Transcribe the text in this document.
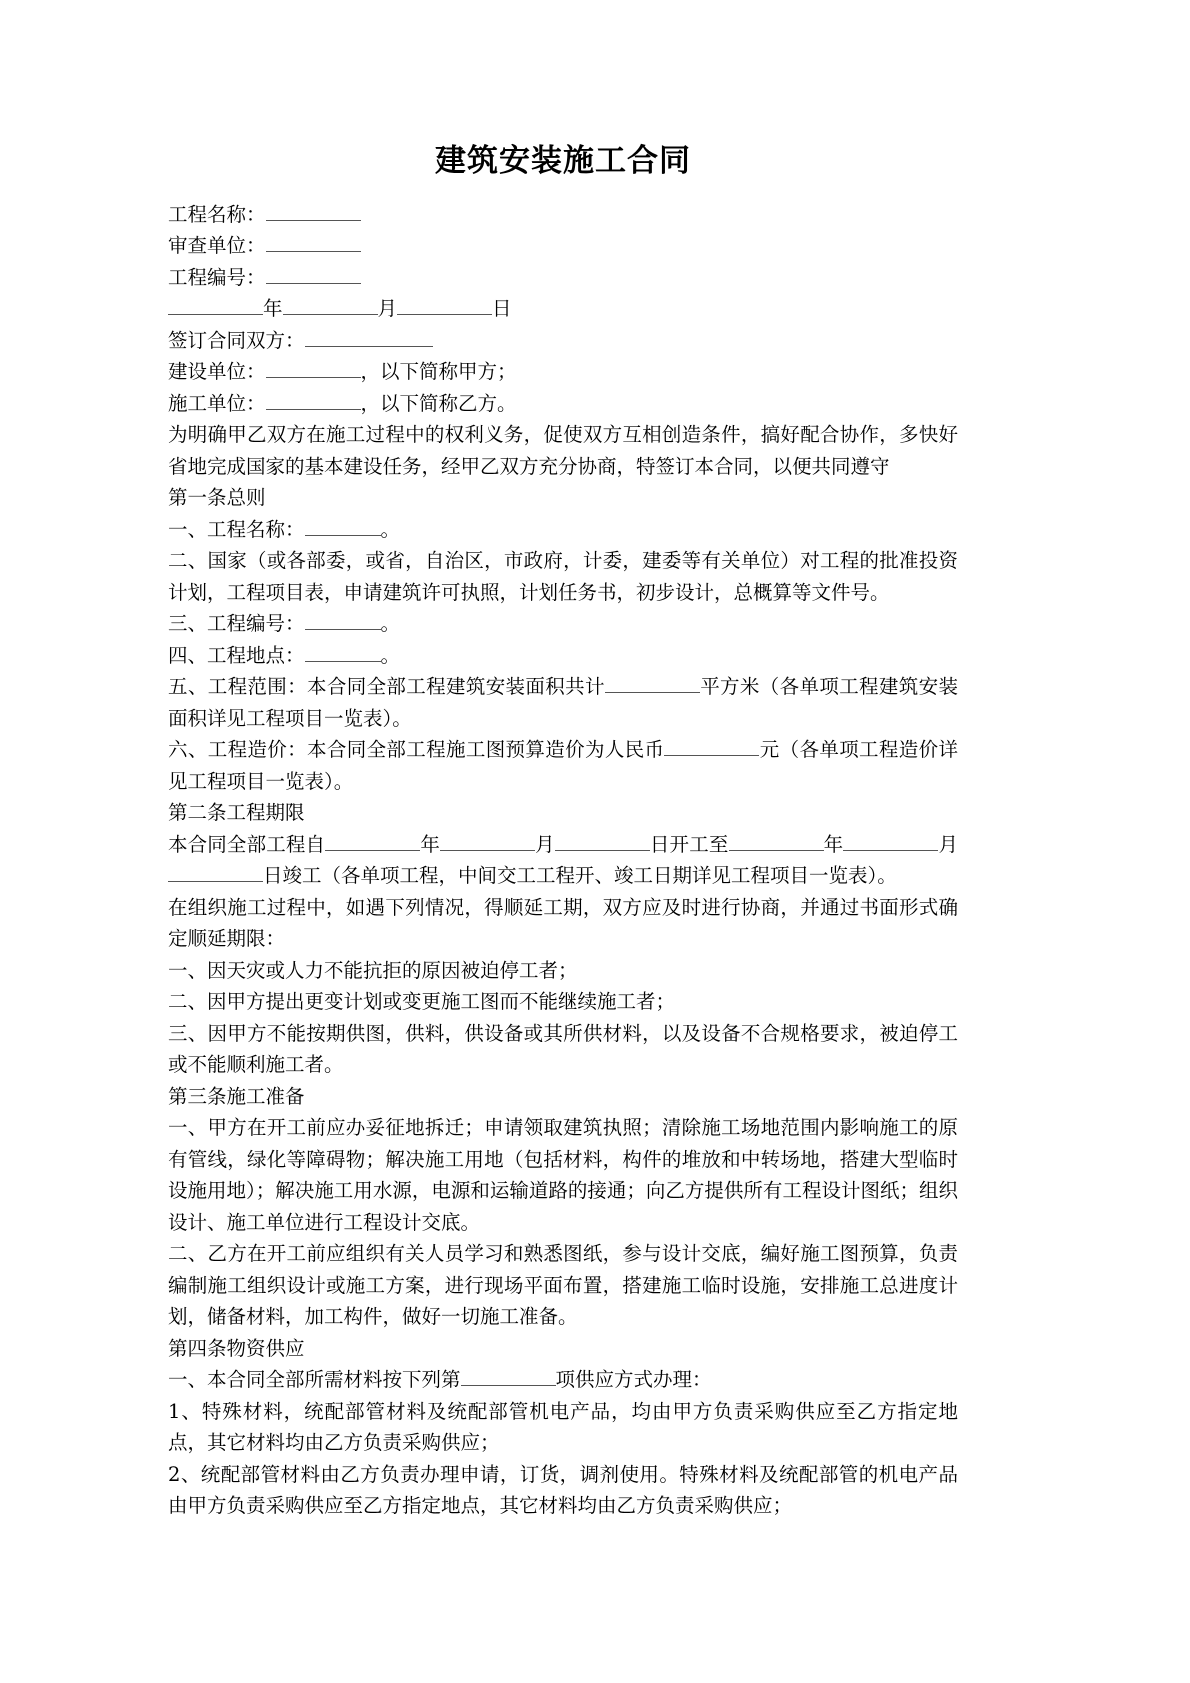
建筑安装施工合同

工程名称：

审查单位：

工程编号：

年	月	日

签订合同双方：

建设单位：	，以下简称甲方；

施工单位：	，以下简称乙方。

为明确甲乙双方在施工过程中的权利义务，促使双方互相创造条件，搞好配合协作，多快好省地完成国家的基本建设任务，经甲乙双方充分协商，特签订本合同，以便共同遵守

第一条总则

一、工程名称：	。

二、国家（或各部委，或省，自治区，市政府，计委，建委等有关单位）对工程的批准投资计划，工程项目表，申请建筑许可执照，计划任务书，初步设计，总概算等文件号。

三、工程编号：	。

四、工程地点：	。

五、工程范围：本合同全部工程建筑安装面积共计	平方米（各单项工程建筑安装面积详见工程项目一览表）。

六、工程造价：本合同全部工程施工图预算造价为人民币	元（各单项工程造价详见工程项目一览表）。

第二条工程期限

本合同全部工程自	年	月	日开工至	年	月日竣工（各单项工程，中间交工工程开、竣工日期详见工程项目一览表）。

在组织施工过程中，如遇下列情况，得顺延工期，双方应及时进行协商，并通过书面形式确定顺延期限：

一、因天灾或人力不能抗拒的原因被迫停工者；

二、因甲方提出更变计划或变更施工图而不能继续施工者；

三、因甲方不能按期供图，供料，供设备或其所供材料，以及设备不合规格要求，被迫停工或不能顺利施工者。

第三条施工准备

一、甲方在开工前应办妥征地拆迁；申请领取建筑执照；清除施工场地范围内影响施工的原有管线，绿化等障碍物；解决施工用地（包括材料，构件的堆放和中转场地，搭建大型临时设施用地）；解决施工用水源，电源和运输道路的接通；向乙方提供所有工程设计图纸；组织设计、施工单位进行工程设计交底。

二、乙方在开工前应组织有关人员学习和熟悉图纸，参与设计交底，编好施工图预算，负责编制施工组织设计或施工方案，进行现场平面布置，搭建施工临时设施，安排施工总进度计划，储备材料，加工构件，做好一切施工准备。

第四条物资供应

一、本合同全部所需材料按下列第	项供应方式办理：

1、特殊材料，统配部管材料及统配部管机电产品，均由甲方负责采购供应至乙方指定地点，其它材料均由乙方负责采购供应；

2、统配部管材料由乙方负责办理申请，订货，调剂使用。特殊材料及统配部管的机电产品由甲方负责采购供应至乙方指定地点，其它材料均由乙方负责采购供应；
